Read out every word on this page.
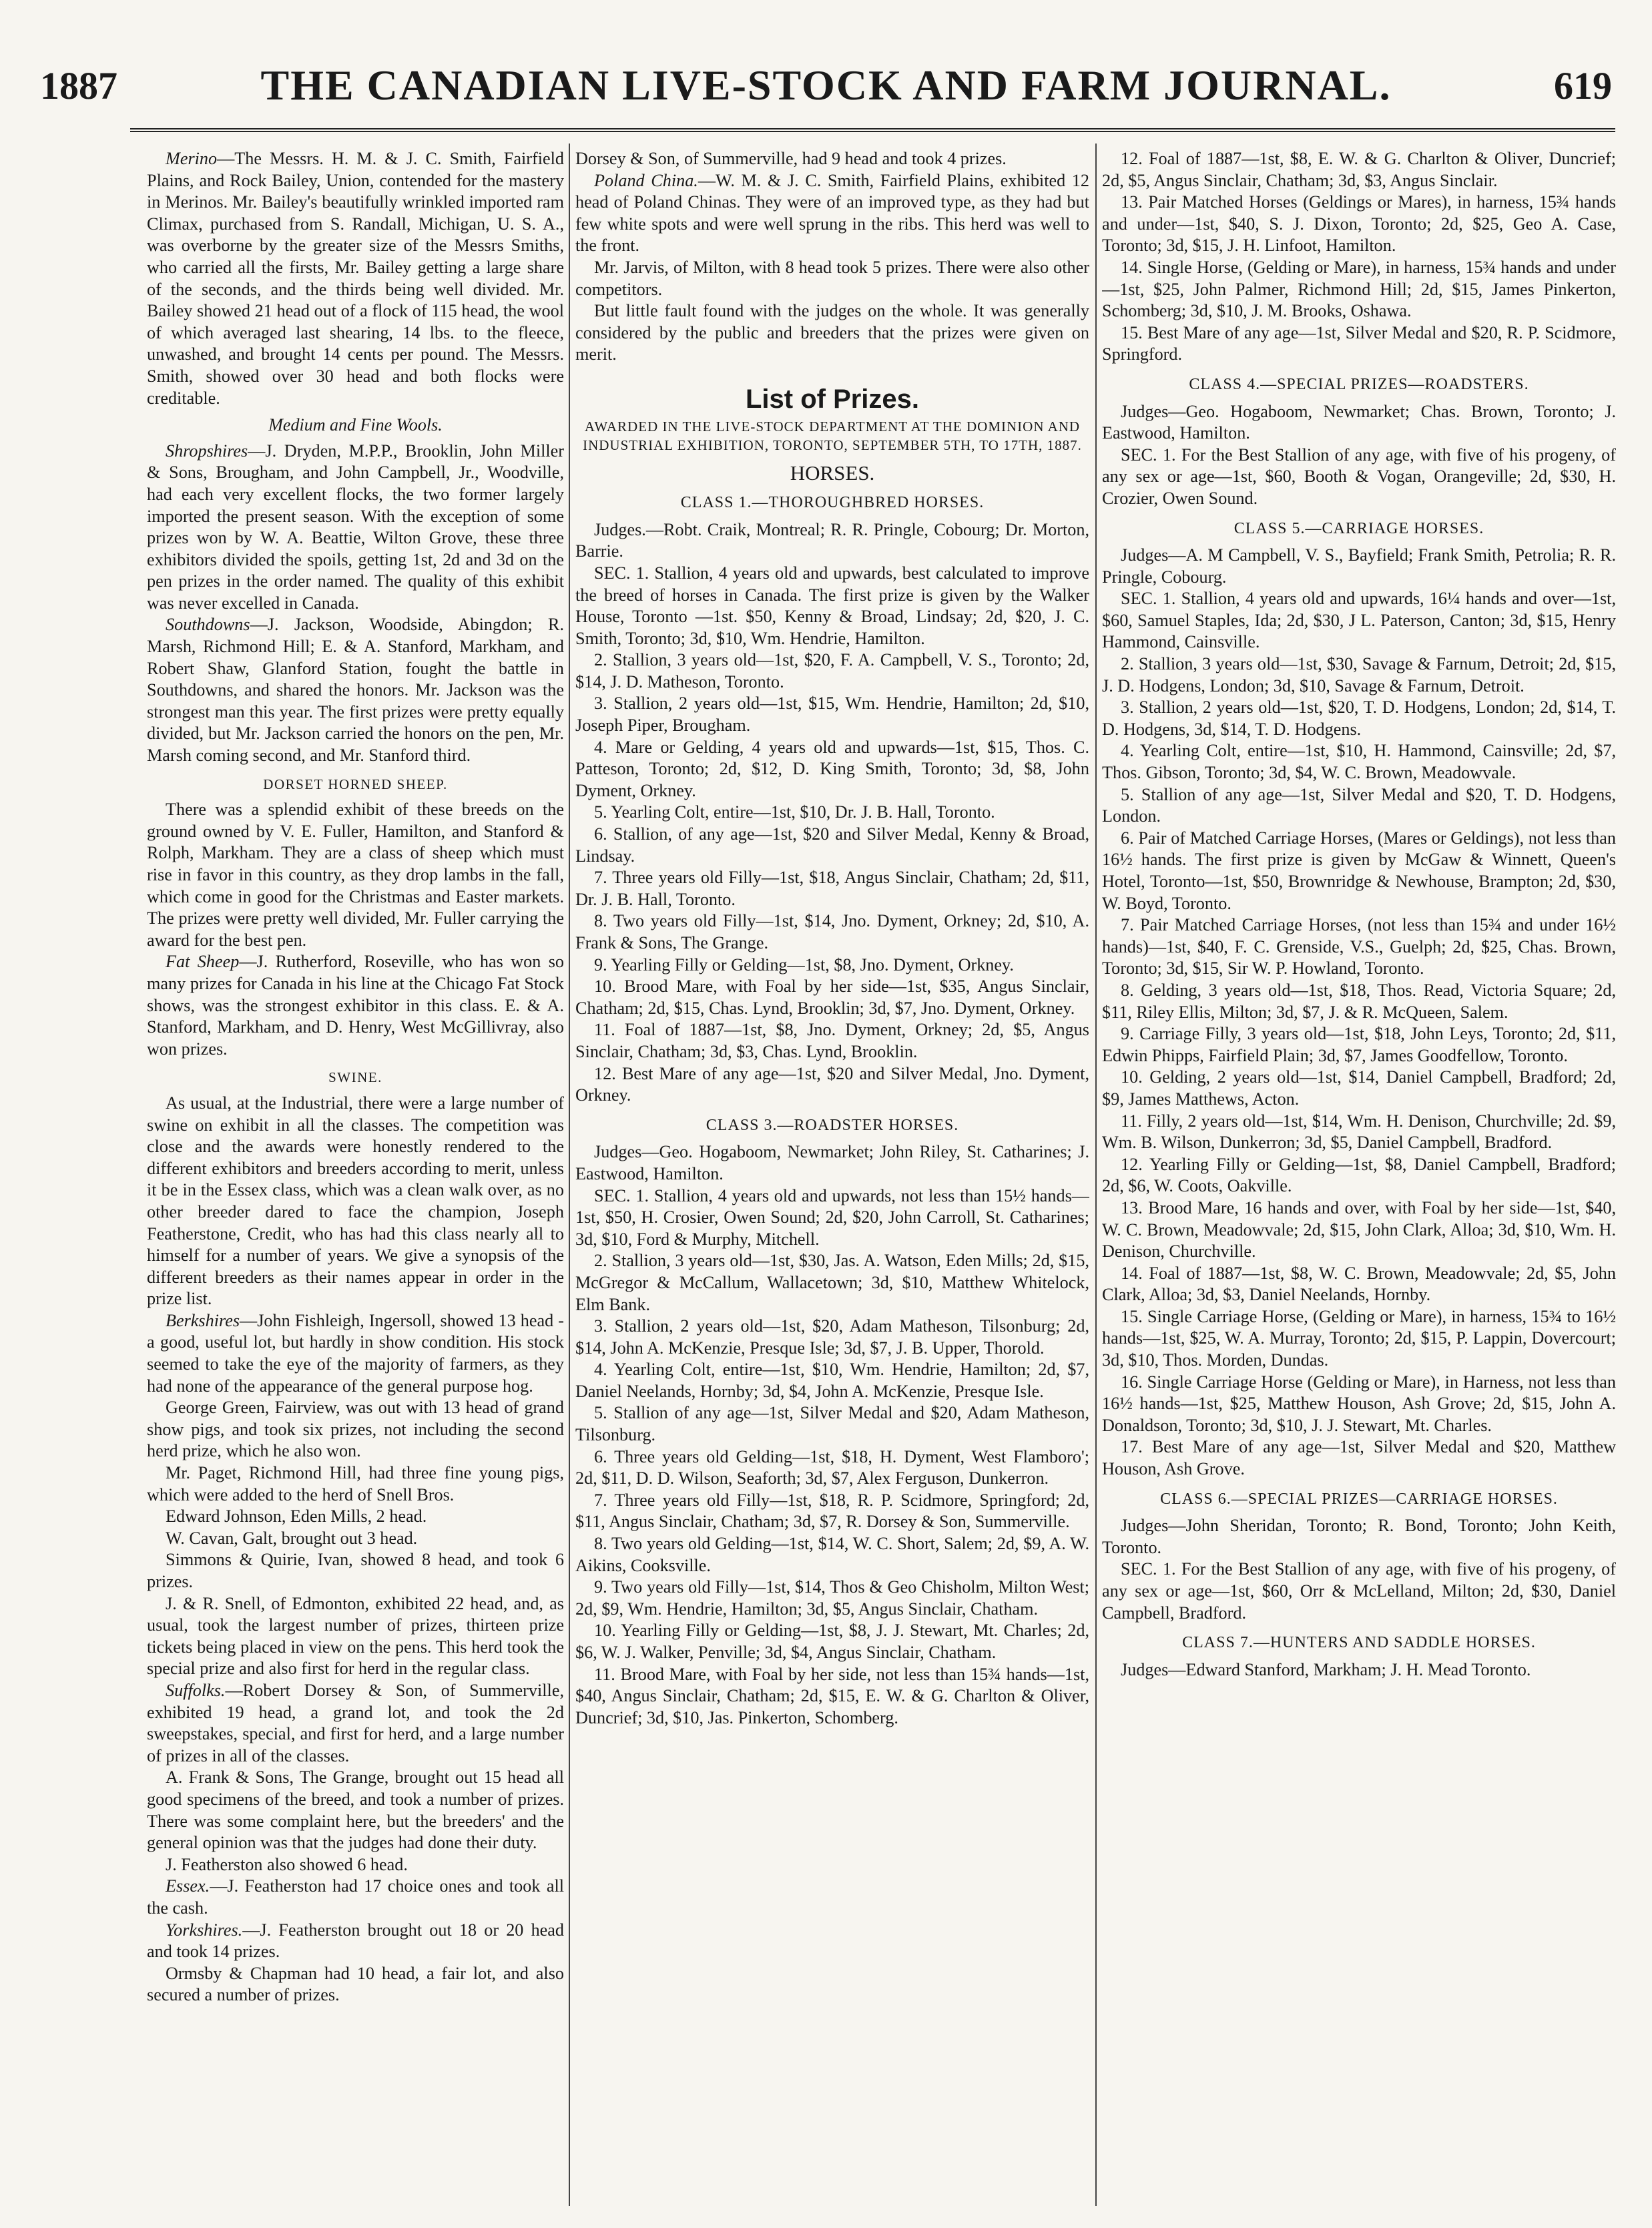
1887	THE CANADIAN LIVE-STOCK AND FARM JOURNAL.	619

Merino—The Messrs. H. M. & J. C. Smith, Fairfield Plains, and Rock Bailey, Union, contended for the mastery in Merinos. Mr. Bailey's beautifully wrinkled imported ram Climax, purchased from S. Randall, Michigan, U. S. A., was overborne by the greater size of the Messrs Smiths, who carried all the firsts, Mr. Bailey getting a large share of the seconds, and the thirds being well divided. Mr. Bailey showed 21 head out of a flock of 115 head, the wool of which averaged last shearing, 14 lbs. to the fleece, unwashed, and brought 14 cents per pound. The Messrs. Smith, showed over 30 head and both flocks were creditable.

Medium and Fine Wools.

Shropshires—J. Dryden, M.P.P., Brooklin, John Miller & Sons, Brougham, and John Campbell, Jr., Woodville, had each very excellent flocks, the two former largely imported the present season. With the exception of some prizes won by W. A. Beattie, Wilton Grove, these three exhibitors divided the spoils, getting 1st, 2d and 3d on the pen prizes in the order named. The quality of this exhibit was never excelled in Canada.

Southdowns—J. Jackson, Woodside, Abingdon; R. Marsh, Richmond Hill; E. & A. Stanford, Markham, and Robert Shaw, Glanford Station, fought the battle in Southdowns, and shared the honors. Mr. Jackson was the strongest man this year. The first prizes were pretty equally divided, but Mr. Jackson carried the honors on the pen, Mr. Marsh coming second, and Mr. Stanford third.

DORSET HORNED SHEEP.

There was a splendid exhibit of these breeds on the ground owned by V. E. Fuller, Hamilton, and Stanford & Rolph, Markham. They are a class of sheep which must rise in favor in this country, as they drop lambs in the fall, which come in good for the Christmas and Easter markets. The prizes were pretty well divided, Mr. Fuller carrying the award for the best pen.

Fat Sheep—J. Rutherford, Roseville, who has won so many prizes for Canada in his line at the Chicago Fat Stock shows, was the strongest exhibitor in this class. E. & A. Stanford, Markham, and D. Henry, West McGillivray, also won prizes.

SWINE.

As usual, at the Industrial, there were a large number of swine on exhibit in all the classes. The competition was close and the awards were honestly rendered to the different exhibitors and breeders according to merit, unless it be in the Essex class, which was a clean walk over, as no other breeder dared to face the champion, Joseph Featherstone, Credit, who has had this class nearly all to himself for a number of years. We give a synopsis of the different breeders as their names appear in order in the prize list.

Berkshires—John Fishleigh, Ingersoll, showed 13 head - a good, useful lot, but hardly in show condition. His stock seemed to take the eye of the majority of farmers, as they had none of the appearance of the general purpose hog.

George Green, Fairview, was out with 13 head of grand show pigs, and took six prizes, not including the second herd prize, which he also won.

Mr. Paget, Richmond Hill, had three fine young pigs, which were added to the herd of Snell Bros.

Edward Johnson, Eden Mills, 2 head.

W. Cavan, Galt, brought out 3 head.

Simmons & Quirie, Ivan, showed 8 head, and took 6 prizes.

J. & R. Snell, of Edmonton, exhibited 22 head, and, as usual, took the largest number of prizes, thirteen prize tickets being placed in view on the pens. This herd took the special prize and also first for herd in the regular class.

Suffolks.—Robert Dorsey & Son, of Summerville, exhibited 19 head, a grand lot, and took the 2d sweepstakes, special, and first for herd, and a large number of prizes in all of the classes.

A. Frank & Sons, The Grange, brought out 15 head all good specimens of the breed, and took a number of prizes. There was some complaint here, but the breeders' and the general opinion was that the judges had done their duty.

J. Featherston also showed 6 head.

Essex.—J. Featherston had 17 choice ones and took all the cash.

Yorkshires.—J. Featherston brought out 18 or 20 head and took 14 prizes.

Ormsby & Chapman had 10 head, a fair lot, and also secured a number of prizes.

Dorsey & Son, of Summerville, had 9 head and took 4 prizes.

Poland China.—W. M. & J. C. Smith, Fairfield Plains, exhibited 12 head of Poland Chinas. They were of an improved type, as they had but few white spots and were well sprung in the ribs. This herd was well to the front.

Mr. Jarvis, of Milton, with 8 head took 5 prizes. There were also other competitors.

But little fault found with the judges on the whole. It was generally considered by the public and breeders that the prizes were given on merit.

List of Prizes.
AWARDED IN THE LIVE-STOCK DEPARTMENT AT THE DOMINION AND INDUSTRIAL EXHIBITION, TORONTO, SEPTEMBER 5TH, TO 17TH, 1887.
HORSES.
CLASS 1.—THOROUGHBRED HORSES.

Judges.—Robt. Craik, Montreal; R. R. Pringle, Cobourg; Dr. Morton, Barrie.

SEC. 1. Stallion, 4 years old and upwards, best calculated to improve the breed of horses in Canada. The first prize is given by the Walker House, Toronto —1st. $50, Kenny & Broad, Lindsay; 2d, $20, J. C. Smith, Toronto; 3d, $10, Wm. Hendrie, Hamilton.

2. Stallion, 3 years old—1st, $20, F. A. Campbell, V. S., Toronto; 2d, $14, J. D. Matheson, Toronto.

3. Stallion, 2 years old—1st, $15, Wm. Hendrie, Hamilton; 2d, $10, Joseph Piper, Brougham.

4. Mare or Gelding, 4 years old and upwards—1st, $15, Thos. C. Patteson, Toronto; 2d, $12, D. King Smith, Toronto; 3d, $8, John Dyment, Orkney.

5. Yearling Colt, entire—1st, $10, Dr. J. B. Hall, Toronto.

6. Stallion, of any age—1st, $20 and Silver Medal, Kenny & Broad, Lindsay.

7. Three years old Filly—1st, $18, Angus Sinclair, Chatham; 2d, $11, Dr. J. B. Hall, Toronto.

8. Two years old Filly—1st, $14, Jno. Dyment, Orkney; 2d, $10, A. Frank & Sons, The Grange.

9. Yearling Filly or Gelding—1st, $8, Jno. Dyment, Orkney.

10. Brood Mare, with Foal by her side—1st, $35, Angus Sinclair, Chatham; 2d, $15, Chas. Lynd, Brooklin; 3d, $7, Jno. Dyment, Orkney.

11. Foal of 1887—1st, $8, Jno. Dyment, Orkney; 2d, $5, Angus Sinclair, Chatham; 3d, $3, Chas. Lynd, Brooklin.

12. Best Mare of any age—1st, $20 and Silver Medal, Jno. Dyment, Orkney.

CLASS 3.—ROADSTER HORSES.

Judges—Geo. Hogaboom, Newmarket; John Riley, St. Catharines; J. Eastwood, Hamilton.

SEC. 1. Stallion, 4 years old and upwards, not less than 15½ hands—1st, $50, H. Crosier, Owen Sound; 2d, $20, John Carroll, St. Catharines; 3d, $10, Ford & Murphy, Mitchell.

2. Stallion, 3 years old—1st, $30, Jas. A. Watson, Eden Mills; 2d, $15, McGregor & McCallum, Wallacetown; 3d, $10, Matthew Whitelock, Elm Bank.

3. Stallion, 2 years old—1st, $20, Adam Matheson, Tilsonburg; 2d, $14, John A. McKenzie, Presque Isle; 3d, $7, J. B. Upper, Thorold.

4. Yearling Colt, entire—1st, $10, Wm. Hendrie, Hamilton; 2d, $7, Daniel Neelands, Hornby; 3d, $4, John A. McKenzie, Presque Isle.

5. Stallion of any age—1st, Silver Medal and $20, Adam Matheson, Tilsonburg.

6. Three years old Gelding—1st, $18, H. Dyment, West Flamboro'; 2d, $11, D. D. Wilson, Seaforth; 3d, $7, Alex Ferguson, Dunkerron.

7. Three years old Filly—1st, $18, R. P. Scidmore, Springford; 2d, $11, Angus Sinclair, Chatham; 3d, $7, R. Dorsey & Son, Summerville.

8. Two years old Gelding—1st, $14, W. C. Short, Salem; 2d, $9, A. W. Aikins, Cooksville.

9. Two years old Filly—1st, $14, Thos & Geo Chisholm, Milton West; 2d, $9, Wm. Hendrie, Hamilton; 3d, $5, Angus Sinclair, Chatham.

10. Yearling Filly or Gelding—1st, $8, J. J. Stewart, Mt. Charles; 2d, $6, W. J. Walker, Penville; 3d, $4, Angus Sinclair, Chatham.

11. Brood Mare, with Foal by her side, not less than 15¾ hands—1st, $40, Angus Sinclair, Chatham; 2d, $15, E. W. & G. Charlton & Oliver, Duncrief; 3d, $10, Jas. Pinkerton, Schomberg.

12. Foal of 1887—1st, $8, E. W. & G. Charlton & Oliver, Duncrief; 2d, $5, Angus Sinclair, Chatham; 3d, $3, Angus Sinclair.

13. Pair Matched Horses (Geldings or Mares), in harness, 15¾ hands and under—1st, $40, S. J. Dixon, Toronto; 2d, $25, Geo A. Case, Toronto; 3d, $15, J. H. Linfoot, Hamilton.

14. Single Horse, (Gelding or Mare), in harness, 15¾ hands and under—1st, $25, John Palmer, Richmond Hill; 2d, $15, James Pinkerton, Schomberg; 3d, $10, J. M. Brooks, Oshawa.

15. Best Mare of any age—1st, Silver Medal and $20, R. P. Scidmore, Springford.

CLASS 4.—SPECIAL PRIZES—ROADSTERS.

Judges—Geo. Hogaboom, Newmarket; Chas. Brown, Toronto; J. Eastwood, Hamilton.

SEC. 1. For the Best Stallion of any age, with five of his progeny, of any sex or age—1st, $60, Booth & Vogan, Orangeville; 2d, $30, H. Crozier, Owen Sound.

CLASS 5.—CARRIAGE HORSES.

Judges—A. M Campbell, V. S., Bayfield; Frank Smith, Petrolia; R. R. Pringle, Cobourg.

SEC. 1. Stallion, 4 years old and upwards, 16¼ hands and over—1st, $60, Samuel Staples, Ida; 2d, $30, J L. Paterson, Canton; 3d, $15, Henry Hammond, Cainsville.

2. Stallion, 3 years old—1st, $30, Savage & Farnum, Detroit; 2d, $15, J. D. Hodgens, London; 3d, $10, Savage & Farnum, Detroit.

3. Stallion, 2 years old—1st, $20, T. D. Hodgens, London; 2d, $14, T. D. Hodgens, 3d, $14, T. D. Hodgens.

4. Yearling Colt, entire—1st, $10, H. Hammond, Cainsville; 2d, $7, Thos. Gibson, Toronto; 3d, $4, W. C. Brown, Meadowvale.

5. Stallion of any age—1st, Silver Medal and $20, T. D. Hodgens, London.

6. Pair of Matched Carriage Horses, (Mares or Geldings), not less than 16½ hands. The first prize is given by McGaw & Winnett, Queen's Hotel, Toronto—1st, $50, Brownridge & Newhouse, Brampton; 2d, $30, W. Boyd, Toronto.

7. Pair Matched Carriage Horses, (not less than 15¾ and under 16½ hands)—1st, $40, F. C. Grenside, V.S., Guelph; 2d, $25, Chas. Brown, Toronto; 3d, $15, Sir W. P. Howland, Toronto.

8. Gelding, 3 years old—1st, $18, Thos. Read, Victoria Square; 2d, $11, Riley Ellis, Milton; 3d, $7, J. & R. McQueen, Salem.

9. Carriage Filly, 3 years old—1st, $18, John Leys, Toronto; 2d, $11, Edwin Phipps, Fairfield Plain; 3d, $7, James Goodfellow, Toronto.

10. Gelding, 2 years old—1st, $14, Daniel Campbell, Bradford; 2d, $9, James Matthews, Acton.

11. Filly, 2 years old—1st, $14, Wm. H. Denison, Churchville; 2d. $9, Wm. B. Wilson, Dunkerron; 3d, $5, Daniel Campbell, Bradford.

12. Yearling Filly or Gelding—1st, $8, Daniel Campbell, Bradford; 2d, $6, W. Coots, Oakville.

13. Brood Mare, 16 hands and over, with Foal by her side—1st, $40, W. C. Brown, Meadowvale; 2d, $15, John Clark, Alloa; 3d, $10, Wm. H. Denison, Churchville.

14. Foal of 1887—1st, $8, W. C. Brown, Meadowvale; 2d, $5, John Clark, Alloa; 3d, $3, Daniel Neelands, Hornby.

15. Single Carriage Horse, (Gelding or Mare), in harness, 15¾ to 16½ hands—1st, $25, W. A. Murray, Toronto; 2d, $15, P. Lappin, Dovercourt; 3d, $10, Thos. Morden, Dundas.

16. Single Carriage Horse (Gelding or Mare), in Harness, not less than 16½ hands—1st, $25, Matthew Houson, Ash Grove; 2d, $15, John A. Donaldson, Toronto; 3d, $10, J. J. Stewart, Mt. Charles.

17. Best Mare of any age—1st, Silver Medal and $20, Matthew Houson, Ash Grove.

CLASS 6.—SPECIAL PRIZES—CARRIAGE HORSES.

Judges—John Sheridan, Toronto; R. Bond, Toronto; John Keith, Toronto.

SEC. 1. For the Best Stallion of any age, with five of his progeny, of any sex or age—1st, $60, Orr & McLelland, Milton; 2d, $30, Daniel Campbell, Bradford.

CLASS 7.—HUNTERS AND SADDLE HORSES.

Judges—Edward Stanford, Markham; J. H. Mead Toronto.
